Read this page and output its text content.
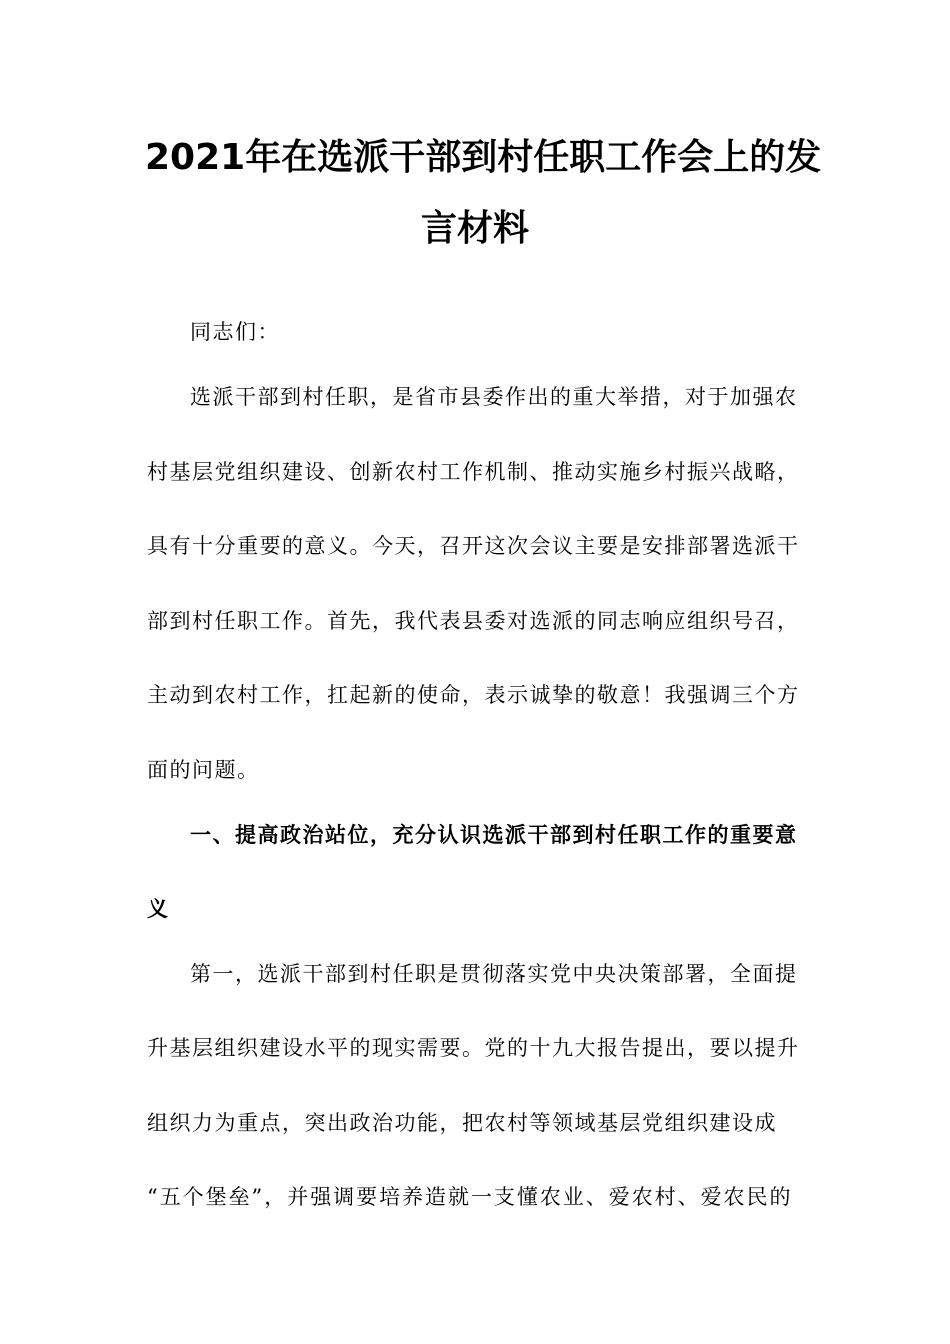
2021年在选派干部到村任职工作会上的发
言材料
同志们：
选派干部到村任职，是省市县委作出的重大举措，对于加强农
村基层党组织建设、创新农村工作机制、推动实施乡村振兴战略，
具有十分重要的意义。今天，召开这次会议主要是安排部署选派干
部到村任职工作。首先，我代表县委对选派的同志响应组织号召，
主动到农村工作，扛起新的使命，表示诚挚的敬意！我强调三个方
面的问题。
一、提高政治站位，充分认识选派干部到村任职工作的重要意
义
第一，选派干部到村任职是贯彻落实党中央决策部署，全面提
升基层组织建设水平的现实需要。党的十九大报告提出，要以提升
组织力为重点，突出政治功能，把农村等领域基层党组织建设成
“五个堡垒”，并强调要培养造就一支懂农业、爱农村、爱农民的
